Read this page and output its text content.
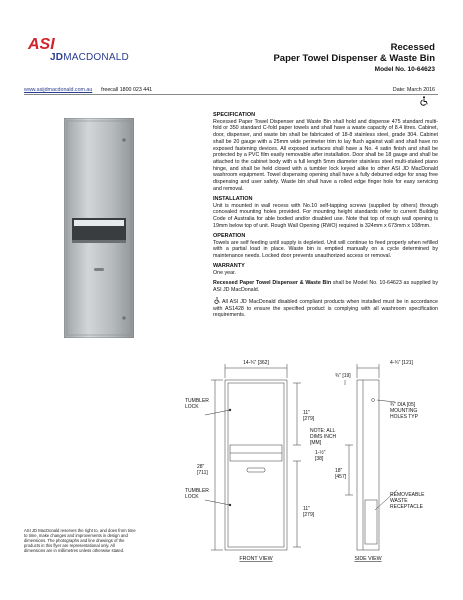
ASI
JDMACDONALD
Recessed
Paper Towel Dispenser & Waste Bin
Model No. 10-64623
www.asijdmacdonald.com.au freecall 1800 023 441	Date: March 2016
SPECIFICATION

Recessed Paper Towel Dispenser and Waste Bin shall hold and dispense 475 standard multi-fold or 350 standard C-fold paper towels and shall have a waste capacity of 8.4 litres. Cabinet, door, dispenser, and waste bin shall be fabricated of 18-8 stainless steel, grade 304. Cabinet shall be 20 gauge with a 25mm wide perimeter trim to lay flush against wall and shall have no exposed fastening devices. All exposed surfaces shall have a No. 4 satin finish and shall be protected by a PVC film easily removable after installation. Door shall be 18 gauge and shall be attached to the cabinet body with a full length 5mm diameter stainless steel multi-staked piano hinge, and shall be held closed with a tumbler lock keyed alike to other ASI JD MacDonald washroom equipment. Towel dispensing opening shall have a fully deburred edge for snag free dispensing and user safety. Waste bin shall have a rolled edge finger hole for easy servicing and removal.

INSTALLATION

Unit is mounted in wall recess with No.10 self-tapping screws (supplied by others) through concealed mounting holes provided. For mounting height standards refer to current Building Code of Australia for able bodied and/or disabled use. Note that top of rough wall opening is 19mm below top of unit. Rough Wall Opening (RWO) required is 324mm x 673mm x 108mm.

OPERATION

Towels are self feeding until supply is depleted. Unit will continue to feed properly when refilled with a partial load in place. Waste bin is emptied manually on a cycle determined by maintenance needs. Locked door prevents unauthorized access or removal.

WARRANTY

One year.

Recessed Paper Towel Dispenser & Waste Bin shall be Model No. 10-64623 as supplied by ASI JD MacDonald.

All ASI JD MacDonald disabled compliant products when installed must be in accordance with AS1428 to ensure the specified product is complying with all washroom specification requirements.

14-¾" [362]	4-¾" [121]
¾" [19]
11" [279]
11" [279]
28" [711]
1-½" [38]
18" [457]
NOTE: ALL DIMS INCH [MM]
TUMBLER LOCK
TUMBLER LOCK
¾" DIA [05] MOUNTING HOLES TYP
REMOVEABLE WASTE RECEPTACLE
FRONT VIEW	SIDE VIEW
ASI JD MacDonald reserves the right to, and does from time to time, make changes and improvements in design and dimensions. The photographs and line drawings of the products in this flyer are representational only. All dimensions are in millimetres unless otherwise stated.
